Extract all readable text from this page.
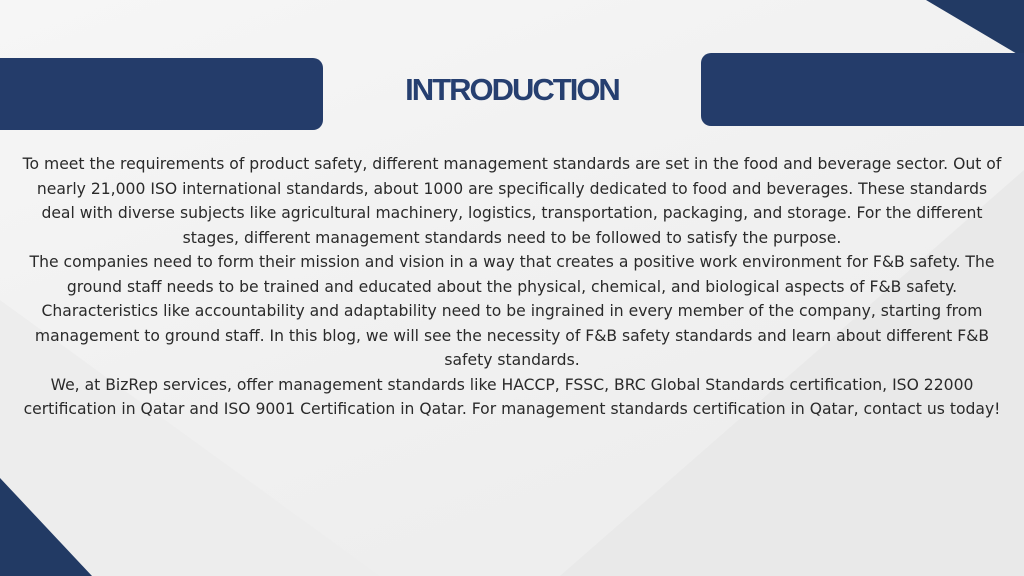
INTRODUCTION

To meet the requirements of product safety, different management standards are set in the food and beverage sector. Out of nearly 21,000 ISO international standards, about 1000 are specifically dedicated to food and beverages. These standards deal with diverse subjects like agricultural machinery, logistics, transportation, packaging, and storage. For the different stages, different management standards need to be followed to satisfy the purpose.

The companies need to form their mission and vision in a way that creates a positive work environment for F&B safety. The ground staff needs to be trained and educated about the physical, chemical, and biological aspects of F&B safety. Characteristics like accountability and adaptability need to be ingrained in every member of the company, starting from management to ground staff. In this blog, we will see the necessity of F&B safety standards and learn about different F&B safety standards.

We, at BizRep services, offer management standards like HACCP, FSSC, BRC Global Standards certification, ISO 22000 certification in Qatar and ISO 9001 Certification in Qatar. For management standards certification in Qatar, contact us today!
